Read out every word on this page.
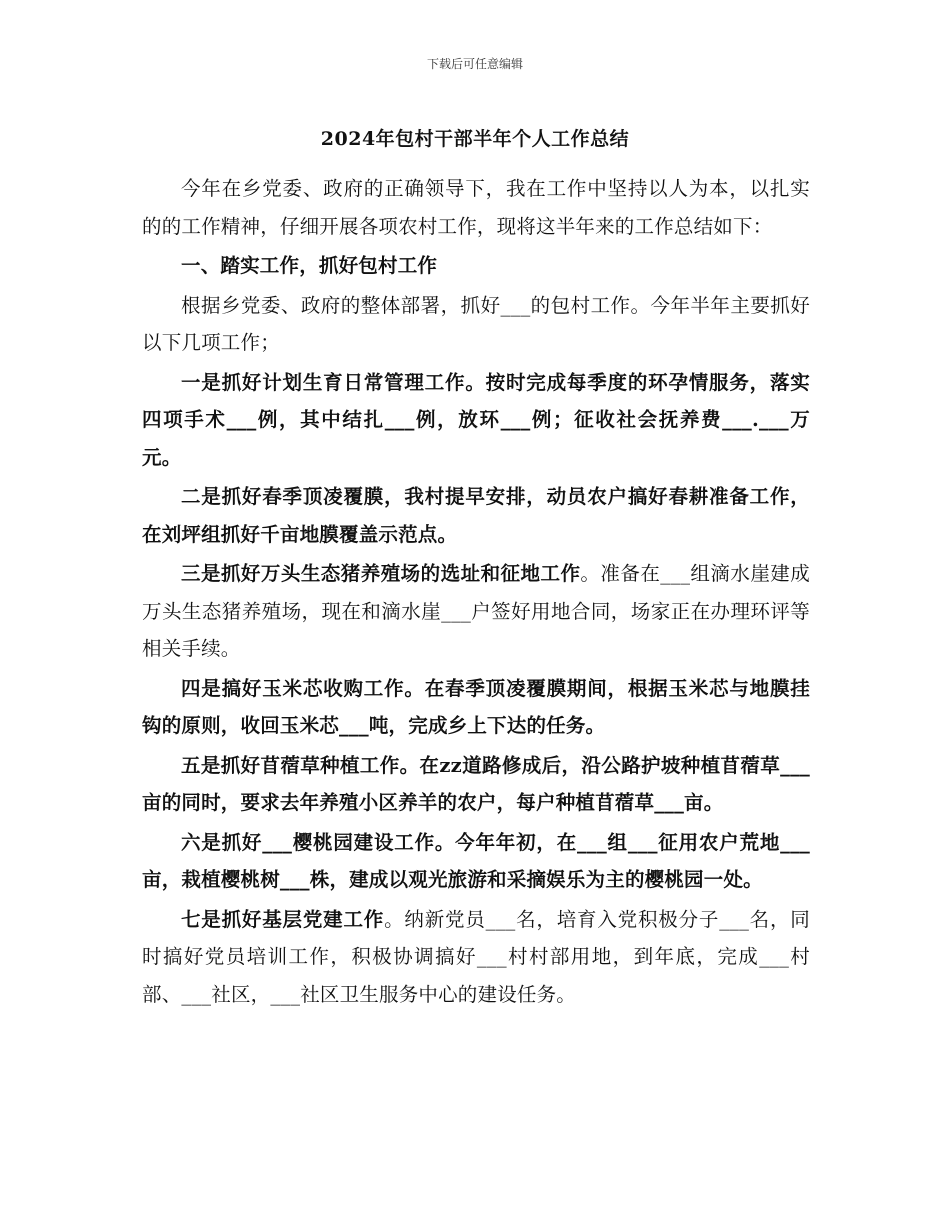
下载后可任意编辑
2024年包村干部半年个人工作总结

今年在乡党委、政府的正确领导下，我在工作中坚持以人为本，以扎实的的工作精神，仔细开展各项农村工作，现将这半年来的工作总结如下：

一、踏实工作，抓好包村工作

根据乡党委、政府的整体部署，抓好___的包村工作。今年半年主要抓好以下几项工作；

一是抓好计划生育日常管理工作。按时完成每季度的环孕情服务，落实四项手术___例，其中结扎___例，放环___例；征收社会抚养费___.___万元。

二是抓好春季顶凌覆膜，我村提早安排，动员农户搞好春耕准备工作，在刘坪组抓好千亩地膜覆盖示范点。

三是抓好万头生态猪养殖场的选址和征地工作。准备在___组滴水崖建成万头生态猪养殖场，现在和滴水崖___户签好用地合同，场家正在办理环评等相关手续。

四是搞好玉米芯收购工作。在春季顶凌覆膜期间，根据玉米芯与地膜挂钩的原则，收回玉米芯___吨，完成乡上下达的任务。

五是抓好苜蓿草种植工作。在zz道路修成后，沿公路护坡种植苜蓿草___亩的同时，要求去年养殖小区养羊的农户，每户种植苜蓿草___亩。

六是抓好___樱桃园建设工作。今年年初，在___组___征用农户荒地___亩，栽植樱桃树___株，建成以观光旅游和采摘娱乐为主的樱桃园一处。

七是抓好基层党建工作。纳新党员___名，培育入党积极分子___名，同时搞好党员培训工作，积极协调搞好___村村部用地，到年底，完成___村部、___社区，___社区卫生服务中心的建设任务。
